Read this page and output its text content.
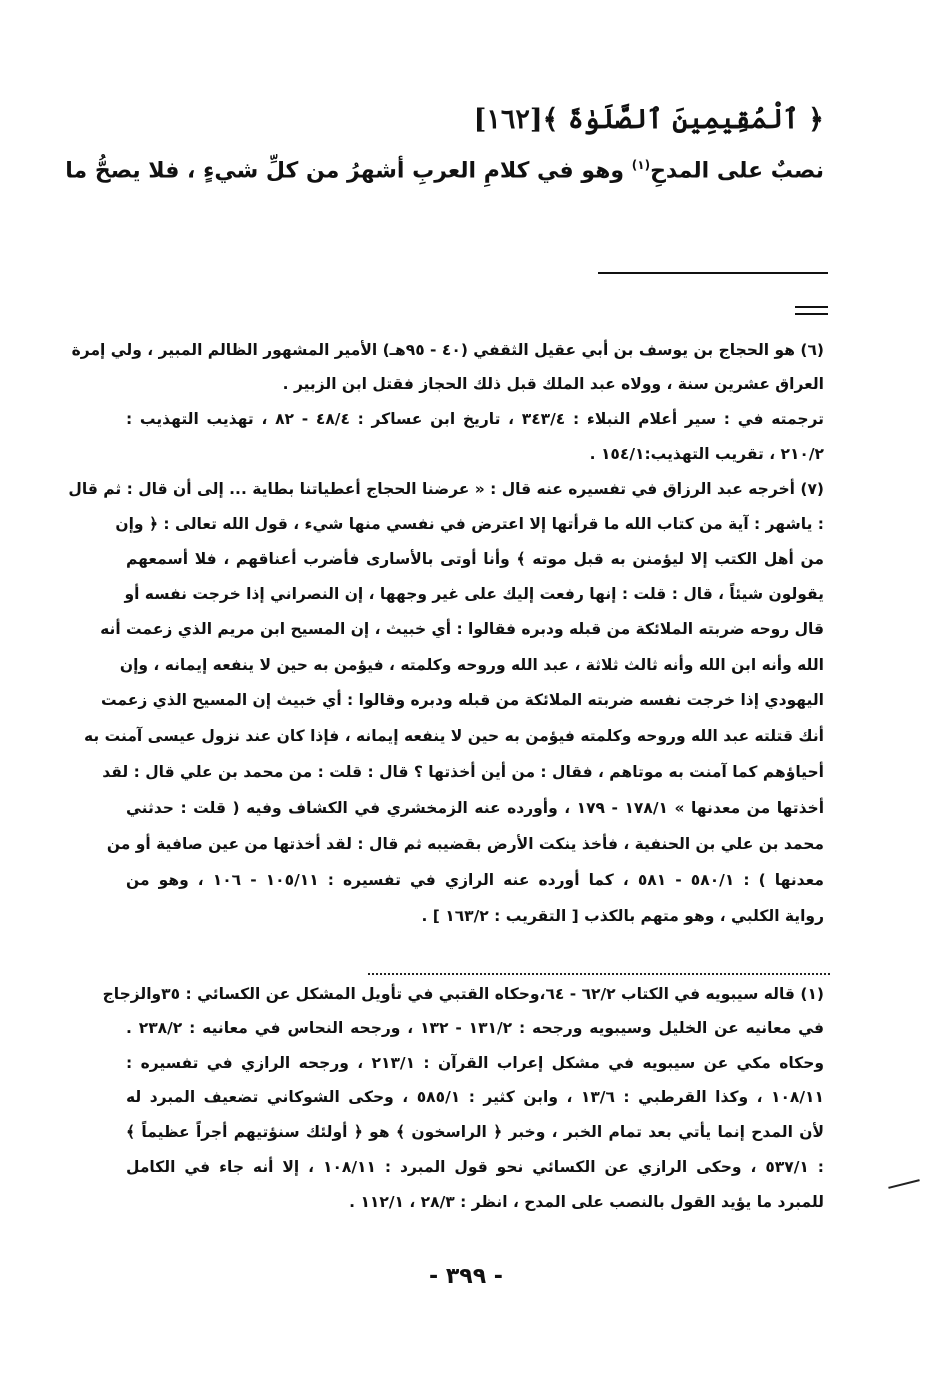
﴿ ٱلْمُقِيمِينَ ٱلصَّلَوٰةَ ﴾[١٦٢]
نصبٌ على المدحِ$^{(١)}$ وهو في كلامِ العربِ أشهرُ من كلِّ شيءٍ ، فلا يصحُّ ما
(٦) هو الحجاج بن يوسف بن أبي عقيل الثقفي (٤٠ - ٩٥هـ) الأمير المشهور الظالم المبير ، ولي إمرة
العراق عشرين سنة ، وولاه عبد الملك قبل ذلك الحجاز فقتل ابن الزبير .
ترجمته في : سير أعلام النبلاء : ٣٤٣/٤ ، تاريخ ابن عساكر : ٤٨/٤ - ٨٢ ، تهذيب التهذيب :
٢١٠/٢ ، تقريب التهذيب:١٥٤/١ .
(٧) أخرجه عبد الرزاق في تفسيره عنه قال : « عرضنا الحجاج أعطياتنا بطاية ... إلى أن قال : ثم قال
: ياشهر : آية من كتاب الله ما قرأتها إلا اعترض في نفسي منها شيء ، قول الله تعالى : ﴿ وإن
من أهل الكتب إلا ليؤمنن به قبل موته ﴾ وأنا أوتى بالأسارى فأضرب أعناقهم ، فلا أسمعهم
يقولون شيئاً ، قال : قلت : إنها رفعت إليك على غير وجهها ، إن النصراني إذا خرجت نفسه أو
قال روحه ضربته الملائكة من قبله ودبره فقالوا : أي خبيث ، إن المسيح ابن مريم الذي زعمت أنه
الله وأنه ابن الله وأنه ثالث ثلاثة ، عبد الله وروحه وكلمته ، فيؤمن به حين لا ينفعه إيمانه ، وإن
اليهودي إذا خرجت نفسه ضربته الملائكة من قبله ودبره وقالوا : أي خبيث إن المسيح الذي زعمت
أنك قتلته عبد الله وروحه وكلمته فيؤمن به حين لا ينفعه إيمانه ، فإذا كان عند نزول عيسى آمنت به
أحياؤهم كما آمنت به موتاهم ، فقال : من أين أخذتها ؟ قال : قلت : من محمد بن علي قال : لقد
أخذتها من معدنها » ١٧٨/١ - ١٧٩ ، وأورده عنه الزمخشري في الكشاف وفيه ( قلت : حدثني
محمد بن علي بن الحنفية ، فأخذ ينكت الأرض بقضيبه ثم قال : لقد أخذتها من عين صافية أو من
معدنها ) : ٥٨٠/١ - ٥٨١ ، كما أورده عنه الرازي في تفسيره : ١٠٥/١١ - ١٠٦ ، وهو من
رواية الكلبي ، وهو متهم بالكذب [ التقريب : ١٦٣/٢ ] .
(١) قاله سيبويه في الكتاب ٦٢/٢ - ٦٤،وحكاه القتبي في تأويل المشكل عن الكسائي : ٣٥والزجاج
في معانيه عن الخليل وسيبويه ورجحه : ١٣١/٢ - ١٣٢ ، ورجحه النحاس في معانيه : ٢٣٨/٢ .
وحكاه مكي عن سيبويه في مشكل إعراب القرآن : ٢١٣/١ ، ورجحه الرازي في تفسيره :
١٠٨/١١ ، وكذا القرطبي : ١٣/٦ ، وابن كثير : ٥٨٥/١ ، وحكى الشوكاني تضعيف المبرد له
لأن المدح إنما يأتي بعد تمام الخبر ، وخبر ﴿ الراسخون ﴾ هو ﴿ أولئك سنؤتيهم أجراً عظيماً ﴾
: ٥٣٧/١ ، وحكى الرازي عن الكسائي نحو قول المبرد : ١٠٨/١١ ، إلا أنه جاء في الكامل
للمبرد ما يؤيد القول بالنصب على المدح ، انظر : ٢٨/٣ ، ١١٢/١ .
- ٣٩٩ -
